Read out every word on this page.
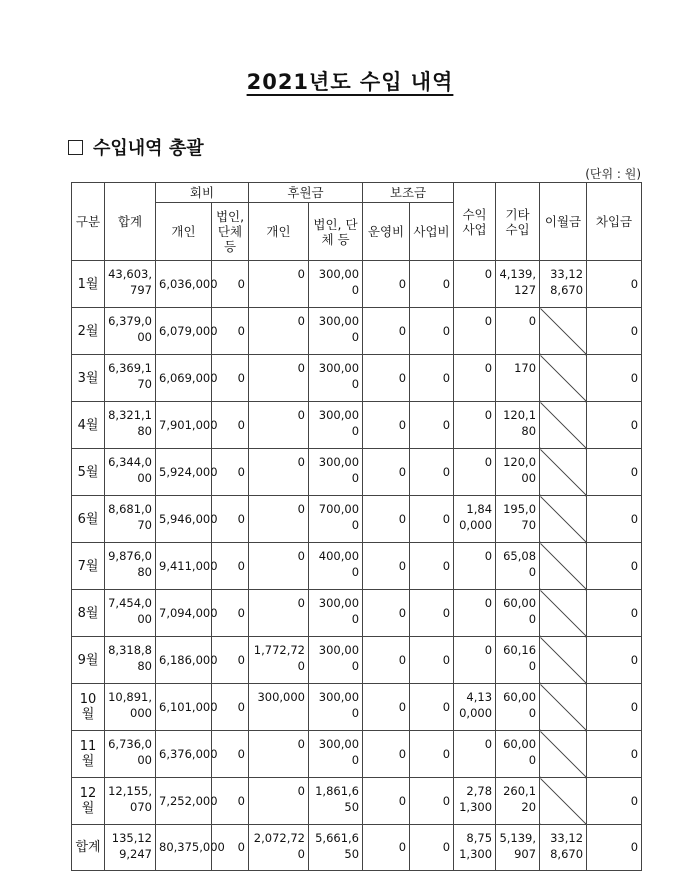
2021년도 수입 내역
수입내역 총괄
(단위 : 원)
구분	합계	회비		후원금		보조금		수익 사업	기타 수입	이월금	차입금
		개인	법인, 단체 등	개인	법인, 단체 등	운영비	사업비				
1월	43,603,797	6,036,000	0	0	300,000	0	0	0	4,139,127	33,128,670	0
2월	6,379,000	6,079,000	0	0	300,000	0	0	0	0		0
3월	6,369,170	6,069,000	0	0	300,000	0	0	0	170		0
4월	8,321,180	7,901,000	0	0	300,000	0	0	0	120,180		0
5월	6,344,000	5,924,000	0	0	300,000	0	0	0	120,000		0
6월	8,681,070	5,946,000	0	0	700,000	0	0	1,840,000	195,070		0
7월	9,876,080	9,411,000	0	0	400,000	0	0	0	65,080		0
8월	7,454,000	7,094,000	0	0	300,000	0	0	0	60,000		0
9월	8,318,880	6,186,000	0	1,772,720	300,000	0	0	0	60,160		0
10월	10,891,000	6,101,000	0	300,000	300,000	0	0	4,130,000	60,000		0
11월	6,736,000	6,376,000	0	0	300,000	0	0	0	60,000		0
12월	12,155,070	7,252,000	0	0	1,861,650	0	0	2,781,300	260,120		0
합계	135,129,247	80,375,000	0	2,072,720	5,661,650	0	0	8,751,300	5,139,907	33,128,670	0
